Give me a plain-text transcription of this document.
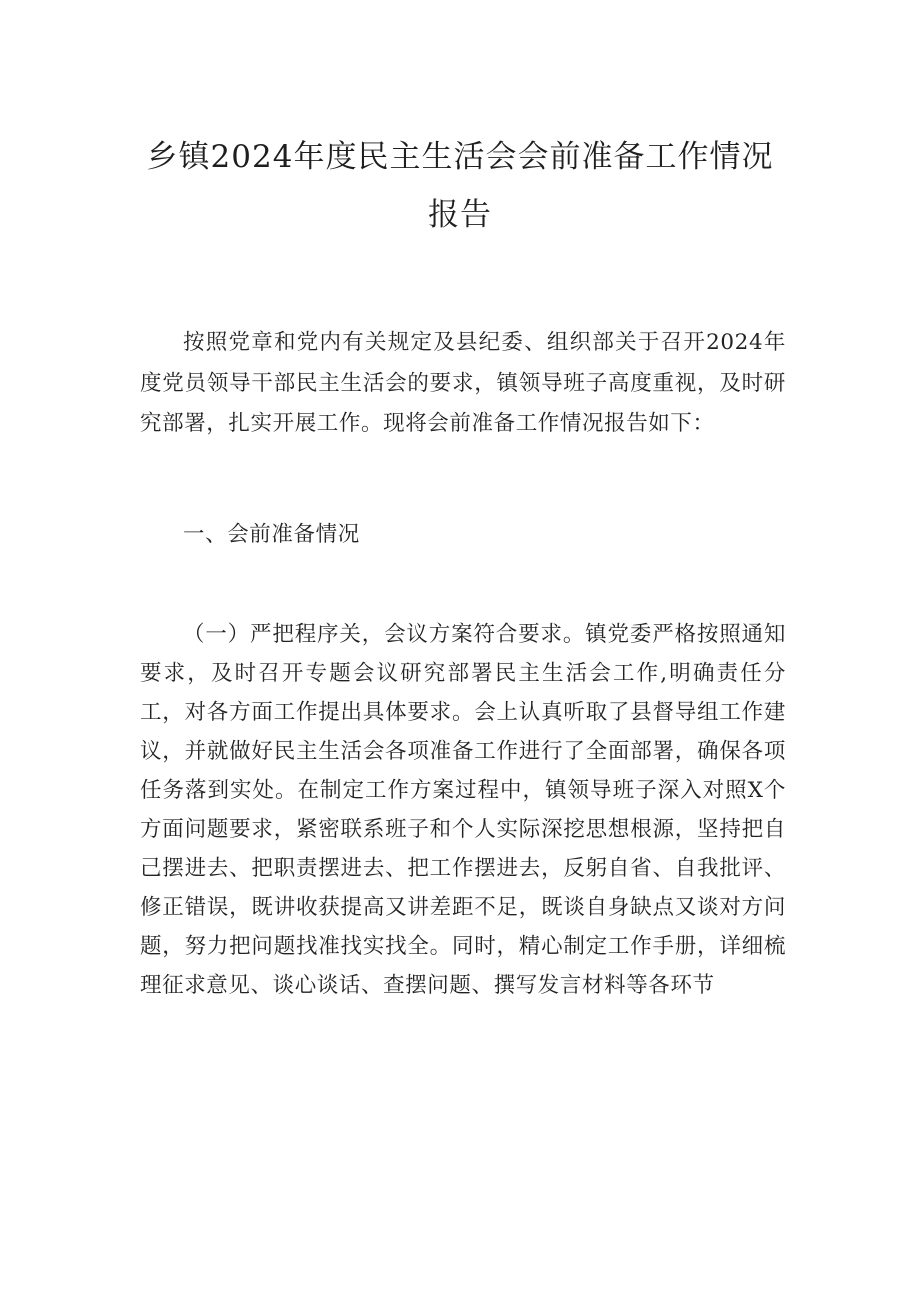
乡镇2024年度民主生活会会前准备工作情况报告
按照党章和党内有关规定及县纪委、组织部关于召开2024年度党员领导干部民主生活会的要求，镇领导班子高度重视，及时研究部署，扎实开展工作。现将会前准备工作情况报告如下：
一、会前准备情况
（一）严把程序关，会议方案符合要求。镇党委严格按照通知要求，及时召开专题会议研究部署民主生活会工作,明确责任分工，对各方面工作提出具体要求。会上认真听取了县督导组工作建议，并就做好民主生活会各项准备工作进行了全面部署，确保各项任务落到实处。在制定工作方案过程中，镇领导班子深入对照X个方面问题要求，紧密联系班子和个人实际深挖思想根源，坚持把自己摆进去、把职责摆进去、把工作摆进去，反躬自省、自我批评、修正错误，既讲收获提高又讲差距不足，既谈自身缺点又谈对方问题，努力把问题找准找实找全。同时，精心制定工作手册，详细梳理征求意见、谈心谈话、查摆问题、撰写发言材料等各环节
